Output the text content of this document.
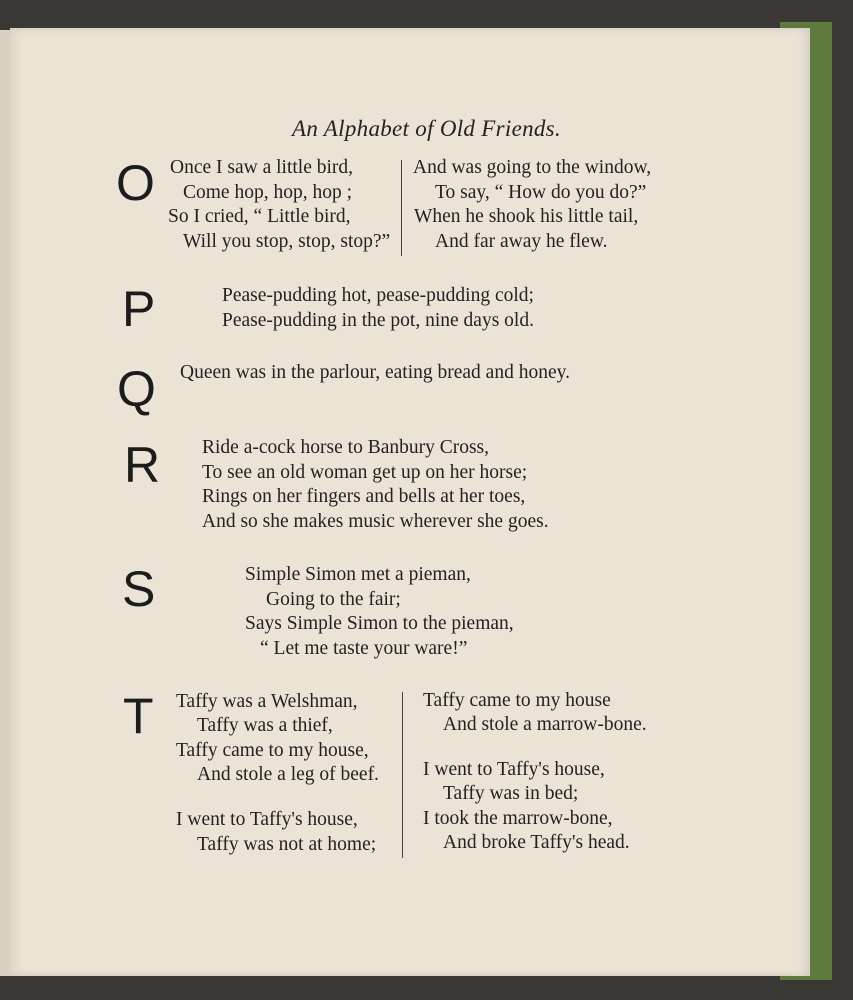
An Alphabet of Old Friends.
O Once I saw a little bird,
Come hop, hop, hop ;
So I cried, “ Little bird,
Will you stop, stop, stop?”
And was going to the window,
To say, “ How do you do?”
When he shook his little tail,
And far away he flew.
P	Pease-pudding hot, pease-pudding cold;
Pease-pudding in the pot, nine days old.
Q Queen was in the parlour, eating bread and honey.
R Ride a-cock horse to Banbury Cross,
To see an old woman get up on her horse;
Rings on her fingers and bells at her toes,
And so she makes music wherever she goes.
S	Simple Simon met a pieman,
Going to the fair;
Says Simple Simon to the pieman,
“ Let me taste your ware!”
T Taffy was a Welshman,
Taffy was a thief,
Taffy came to my house,
And stole a leg of beef.
I went to Taffy's house,
Taffy was not at home;
Taffy came to my house
And stole a marrow-bone.
I went to Taffy's house,
Taffy was in bed;
I took the marrow-bone,
And broke Taffy's head.
